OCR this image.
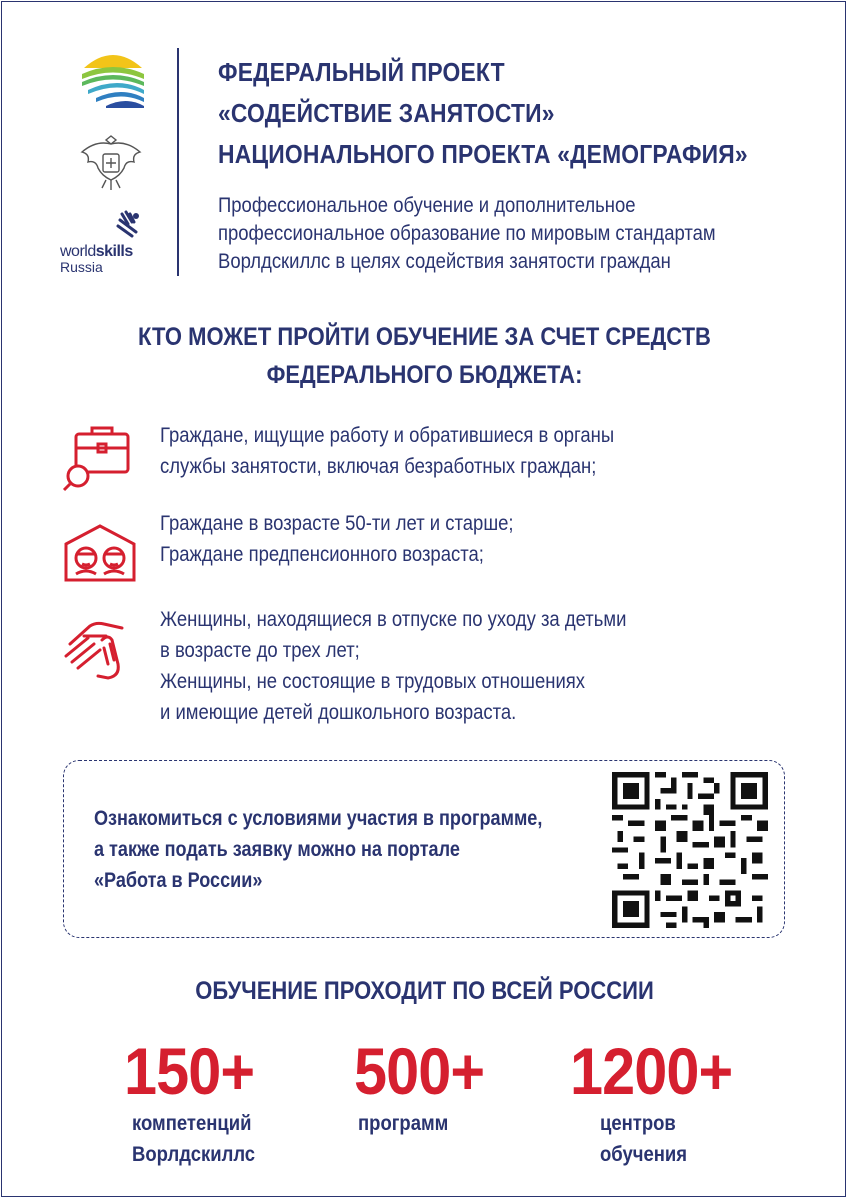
worldskills
Russia
ФЕДЕРАЛЬНЫЙ ПРОЕКТ
«СОДЕЙСТВИЕ ЗАНЯТОСТИ»
НАЦИОНАЛЬНОГО ПРОЕКТА «ДЕМОГРАФИЯ»
Профессиональное обучение и дополнительное
профессиональное образование по мировым стандартам
Ворлдскиллс в целях содействия занятости граждан
КТО МОЖЕТ ПРОЙТИ ОБУЧЕНИЕ ЗА СЧЕТ СРЕДСТВ
ФЕДЕРАЛЬНОГО БЮДЖЕТА:
Граждане, ищущие работу и обратившиеся в органы
службы занятости, включая безработных граждан;
Граждане в возрасте 50-ти лет и старше;
Граждане предпенсионного возраста;
Женщины, находящиеся в отпуске по уходу за детьми
в возрасте до трех лет;
Женщины, не состоящие в трудовых отношениях
и имеющие детей дошкольного возраста.
Ознакомиться с условиями участия в программе,
а также подать заявку можно на портале
«Работа в России»
ОБУЧЕНИЕ ПРОХОДИТ ПО ВСЕЙ РОССИИ
150+
компетенций
Ворлдскиллс
500+
программ
1200+
центров
обучения
